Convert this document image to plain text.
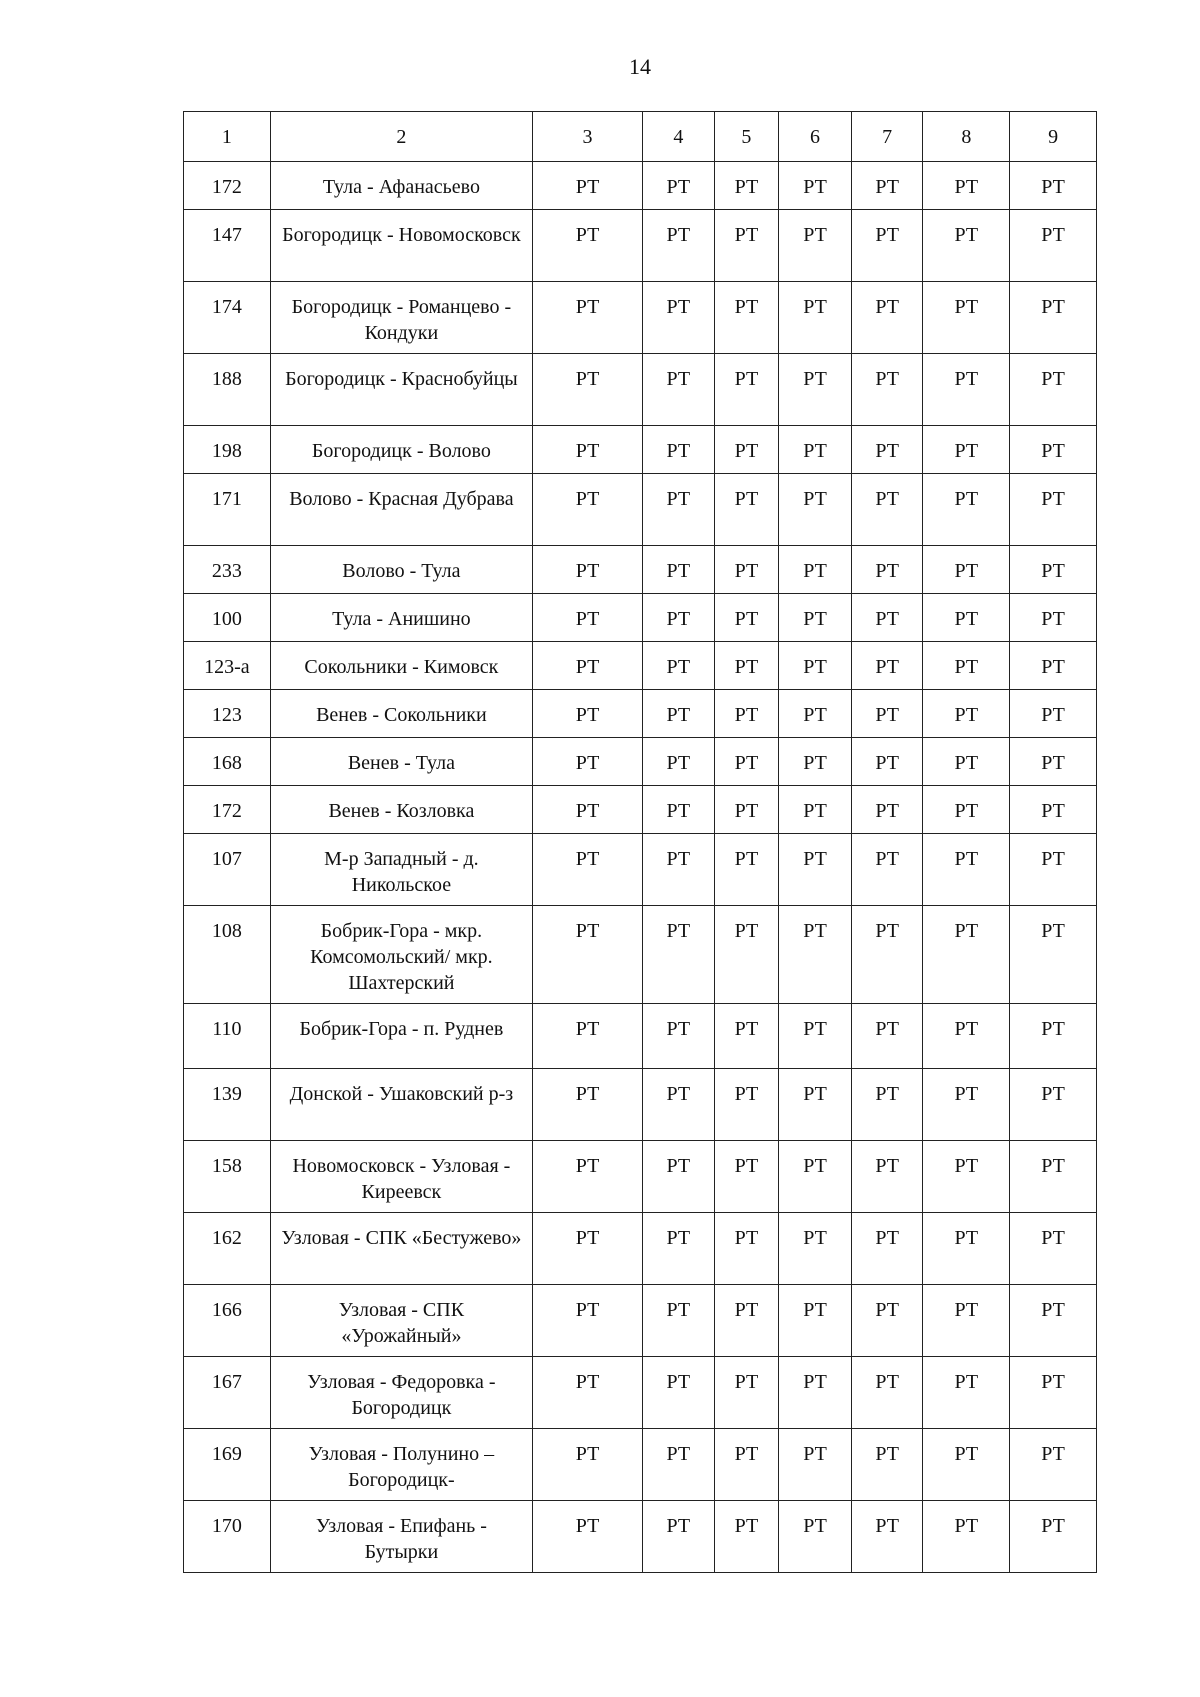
14
1	2	3	4	5	6	7	8	9
172	Тула - Афанасьево	РТ	РТ	РТ	РТ	РТ	РТ	РТ
147	Богородицк - Новомосковск	РТ	РТ	РТ	РТ	РТ	РТ	РТ
174	Богородицк - Романцево - Кондуки	РТ	РТ	РТ	РТ	РТ	РТ	РТ
188	Богородицк - Краснобуйцы	РТ	РТ	РТ	РТ	РТ	РТ	РТ
198	Богородицк - Волово	РТ	РТ	РТ	РТ	РТ	РТ	РТ
171	Волово - Красная Дубрава	РТ	РТ	РТ	РТ	РТ	РТ	РТ
233	Волово - Тула	РТ	РТ	РТ	РТ	РТ	РТ	РТ
100	Тула - Анишино	РТ	РТ	РТ	РТ	РТ	РТ	РТ
123-а	Сокольники - Кимовск	РТ	РТ	РТ	РТ	РТ	РТ	РТ
123	Венев - Сокольники	РТ	РТ	РТ	РТ	РТ	РТ	РТ
168	Венев - Тула	РТ	РТ	РТ	РТ	РТ	РТ	РТ
172	Венев - Козловка	РТ	РТ	РТ	РТ	РТ	РТ	РТ
107	М-р Западный - д. Никольское	РТ	РТ	РТ	РТ	РТ	РТ	РТ
108	Бобрик-Гора - мкр. Комсомольский/ мкр. Шахтерский	РТ	РТ	РТ	РТ	РТ	РТ	РТ
110	Бобрик-Гора - п. Руднев	РТ	РТ	РТ	РТ	РТ	РТ	РТ
139	Донской - Ушаковский р-з	РТ	РТ	РТ	РТ	РТ	РТ	РТ
158	Новомосковск - Узловая - Киреевск	РТ	РТ	РТ	РТ	РТ	РТ	РТ
162	Узловая - СПК «Бестужево»	РТ	РТ	РТ	РТ	РТ	РТ	РТ
166	Узловая - СПК «Урожайный»	РТ	РТ	РТ	РТ	РТ	РТ	РТ
167	Узловая - Федоровка - Богородицк	РТ	РТ	РТ	РТ	РТ	РТ	РТ
169	Узловая - Полунино – Богородицк-	РТ	РТ	РТ	РТ	РТ	РТ	РТ
170	Узловая - Епифань - Бутырки	РТ	РТ	РТ	РТ	РТ	РТ	РТ
